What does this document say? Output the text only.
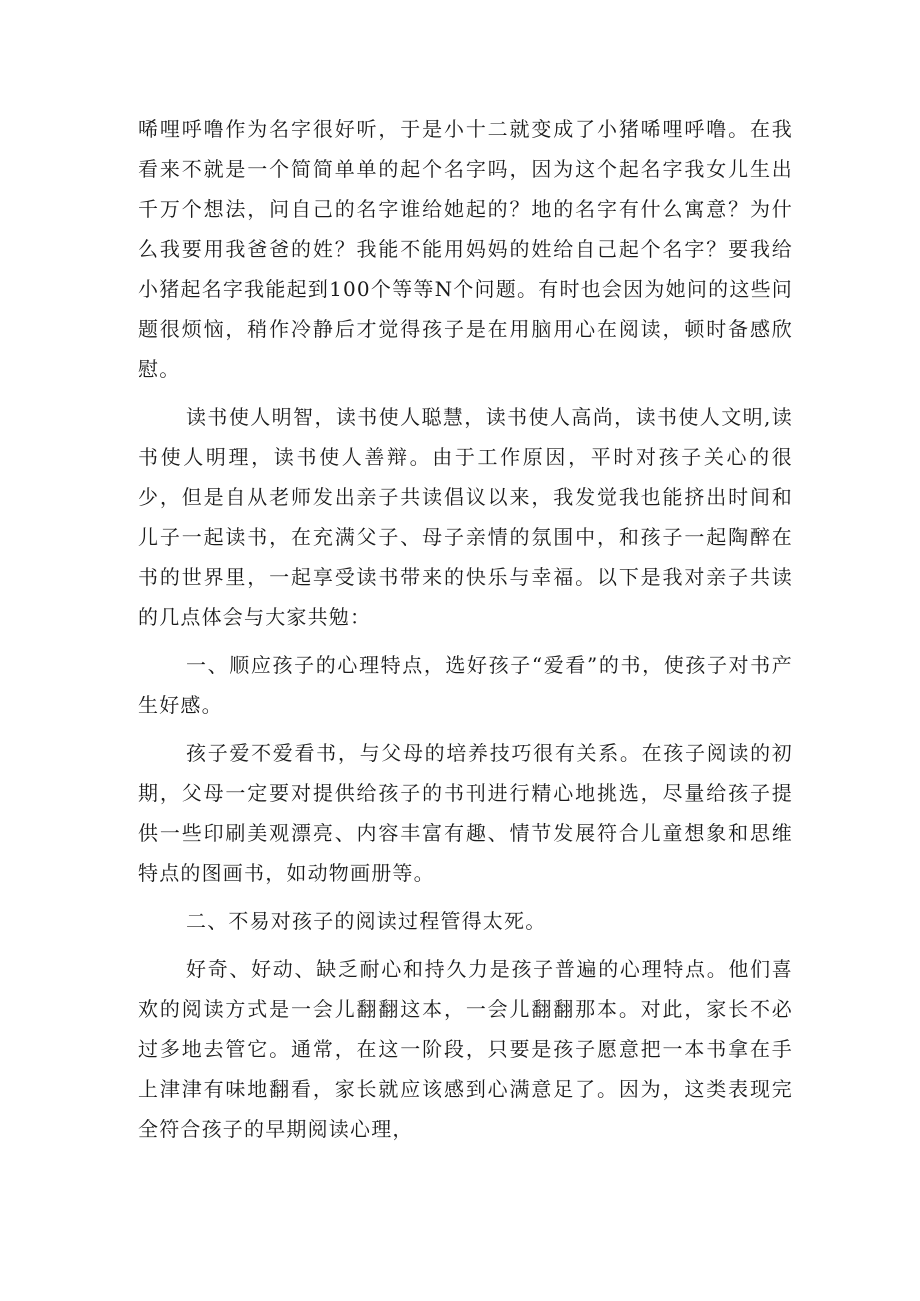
唏哩呼噜作为名字很好听，于是小十二就变成了小猪唏哩呼噜。在我看来不就是一个简简单单的起个名字吗，因为这个起名字我女儿生出千万个想法，问自己的名字谁给她起的？地的名字有什么寓意？为什么我要用我爸爸的姓？我能不能用妈妈的姓给自己起个名字？要我给小猪起名字我能起到100个等等N个问题。有时也会因为她问的这些问题很烦恼，稍作冷静后才觉得孩子是在用脑用心在阅读，顿时备感欣慰。

读书使人明智，读书使人聪慧，读书使人高尚，读书使人文明,读书使人明理，读书使人善辩。由于工作原因，平时对孩子关心的很少，但是自从老师发出亲子共读倡议以来，我发觉我也能挤出时间和儿子一起读书，在充满父子、母子亲情的氛围中，和孩子一起陶醉在书的世界里，一起享受读书带来的快乐与幸福。以下是我对亲子共读的几点体会与大家共勉：

一、顺应孩子的心理特点，选好孩子“爱看”的书，使孩子对书产生好感。

孩子爱不爱看书，与父母的培养技巧很有关系。在孩子阅读的初期，父母一定要对提供给孩子的书刊进行精心地挑选，尽量给孩子提供一些印刷美观漂亮、内容丰富有趣、情节发展符合儿童想象和思维特点的图画书，如动物画册等。

二、不易对孩子的阅读过程管得太死。

好奇、好动、缺乏耐心和持久力是孩子普遍的心理特点。他们喜欢的阅读方式是一会儿翻翻这本，一会儿翻翻那本。对此，家长不必过多地去管它。通常，在这一阶段，只要是孩子愿意把一本书拿在手上津津有味地翻看，家长就应该感到心满意足了。因为，这类表现完全符合孩子的早期阅读心理，
